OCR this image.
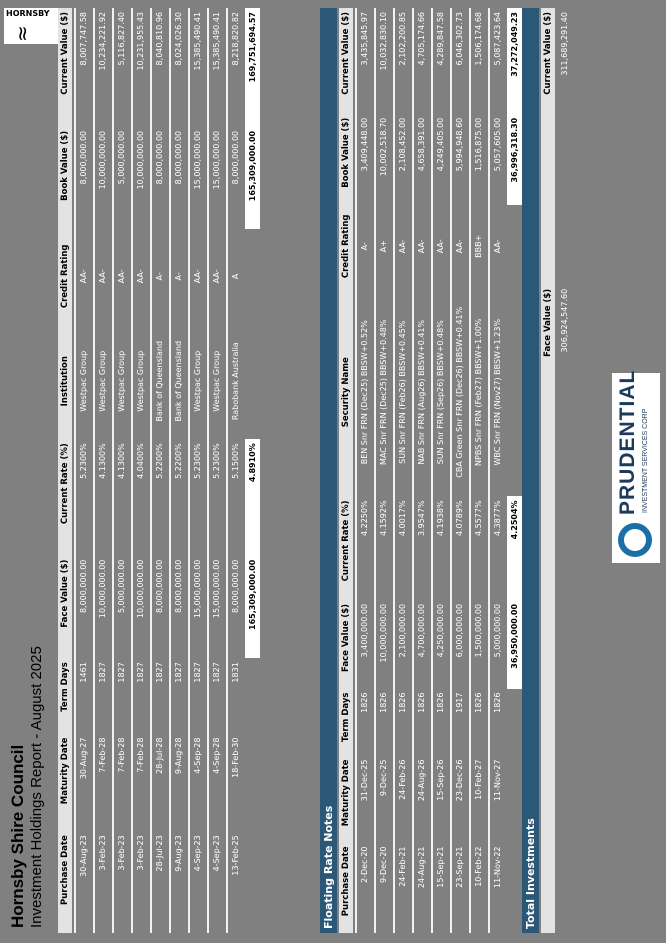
Hornsby Shire Council Investment Holdings Report - August 2025
≈
HORNSBY
Purchase Date	Maturity Date	Term Days	Face Value ($)	Current Rate (%)	Institution	Credit Rating	Book Value ($)	Current Value ($)
30-Aug-23	30-Aug-27	1461	8,000,000.00	5.2300%	Westpac Group	AA-	8,000,000.00	8,007,747.58
3-Feb-23	7-Feb-28	1827	10,000,000.00	4.1300%	Westpac Group	AA-	10,000,000.00	10,234,221.92
3-Feb-23	7-Feb-28	1827	5,000,000.00	4.1300%	Westpac Group	AA-	5,000,000.00	5,116,827.40
3-Feb-23	7-Feb-28	1827	10,000,000.00	4.0400%	Westpac Group	AA-	10,000,000.00	10,231,955.43
28-Jul-23	28-Jul-28	1827	8,000,000.00	5.2200%	Bank of Queensland	A-	8,000,000.00	8,040,810.96
9-Aug-23	9-Aug-28	1827	8,000,000.00	5.2200%	Bank of Queensland	A-	8,000,000.00	8,024,026.30
4-Sep-23	4-Sep-28	1827	15,000,000.00	5.2300%	Westpac Group	AA-	15,000,000.00	15,385,490.41
4-Sep-23	4-Sep-28	1827	15,000,000.00	5.2300%	Westpac Group	AA-	15,000,000.00	15,385,490.41
13-Feb-25	18-Feb-30	1831	8,000,000.00	5.1500%	Rabobank Australia	A	8,000,000.00	8,218,820.82
			165,309,000.00	4.8910%			165,309,000.00	169,751,694.57
Floating Rate Notes								
Purchase Date	Maturity Date	Term Days	Face Value ($)	Current Rate (%)	Security Name	Credit Rating	Book Value ($)	Current Value ($)
2-Dec-20	31-Dec-25	1826	3,400,000.00	4.2250%	BEN Snr FRN (Dec25) BBSW+0.52%	A-	3,409,448.00	3,435,845.97
9-Dec-20	9-Dec-25	1826	10,000,000.00	4.1592%	MAC Snr FRN (Dec25) BBSW+0.48%	A+	10,002,518.70	10,032,830.10
24-Feb-21	24-Feb-26	1826	2,100,000.00	4.0017%	SUN Snr FRN (Feb26) BBSW+0.45%	AA-	2,108,452.00	2,102,200.85
24-Aug-21	24-Aug-26	1826	4,700,000.00	3.9547%	NAB Snr FRN (Aug26) BBSW+0.41%	AA-	4,658,391.00	4,705,174.66
15-Sep-21	15-Sep-26	1826	4,250,000.00	4.1938%	SUN Snr FRN (Sep26) BBSW+0.48%	AA-	4,249,405.00	4,289,847.58
23-Sep-21	23-Dec-26	1917	6,000,000.00	4.0789%	CBA Green Snr FRN (Dec26) BBSW+0.41%	AA-	5,994,948.60	6,046,302.73
10-Feb-22	10-Feb-27	1826	1,500,000.00	4.5577%	NPBS Snr FRN (Feb27) BBSW+1.00%	BBB+	1,516,875.00	1,506,174.68
11-Nov-22	11-Nov-27	1826	5,000,000.00	4.3877%	WBC Snr FRN (Nov27) BBSW+1.23%	AA-	5,057,605.00	5,087,423.64
			36,950,000.00	4.2504%			36,996,318.30	37,272,049.23
Total Investments		
	Face Value ($)	Current Value ($)
	306,924,547.60	311,689,291.40
PRUDENTIAL INVESTMENT SERVICES CORP
